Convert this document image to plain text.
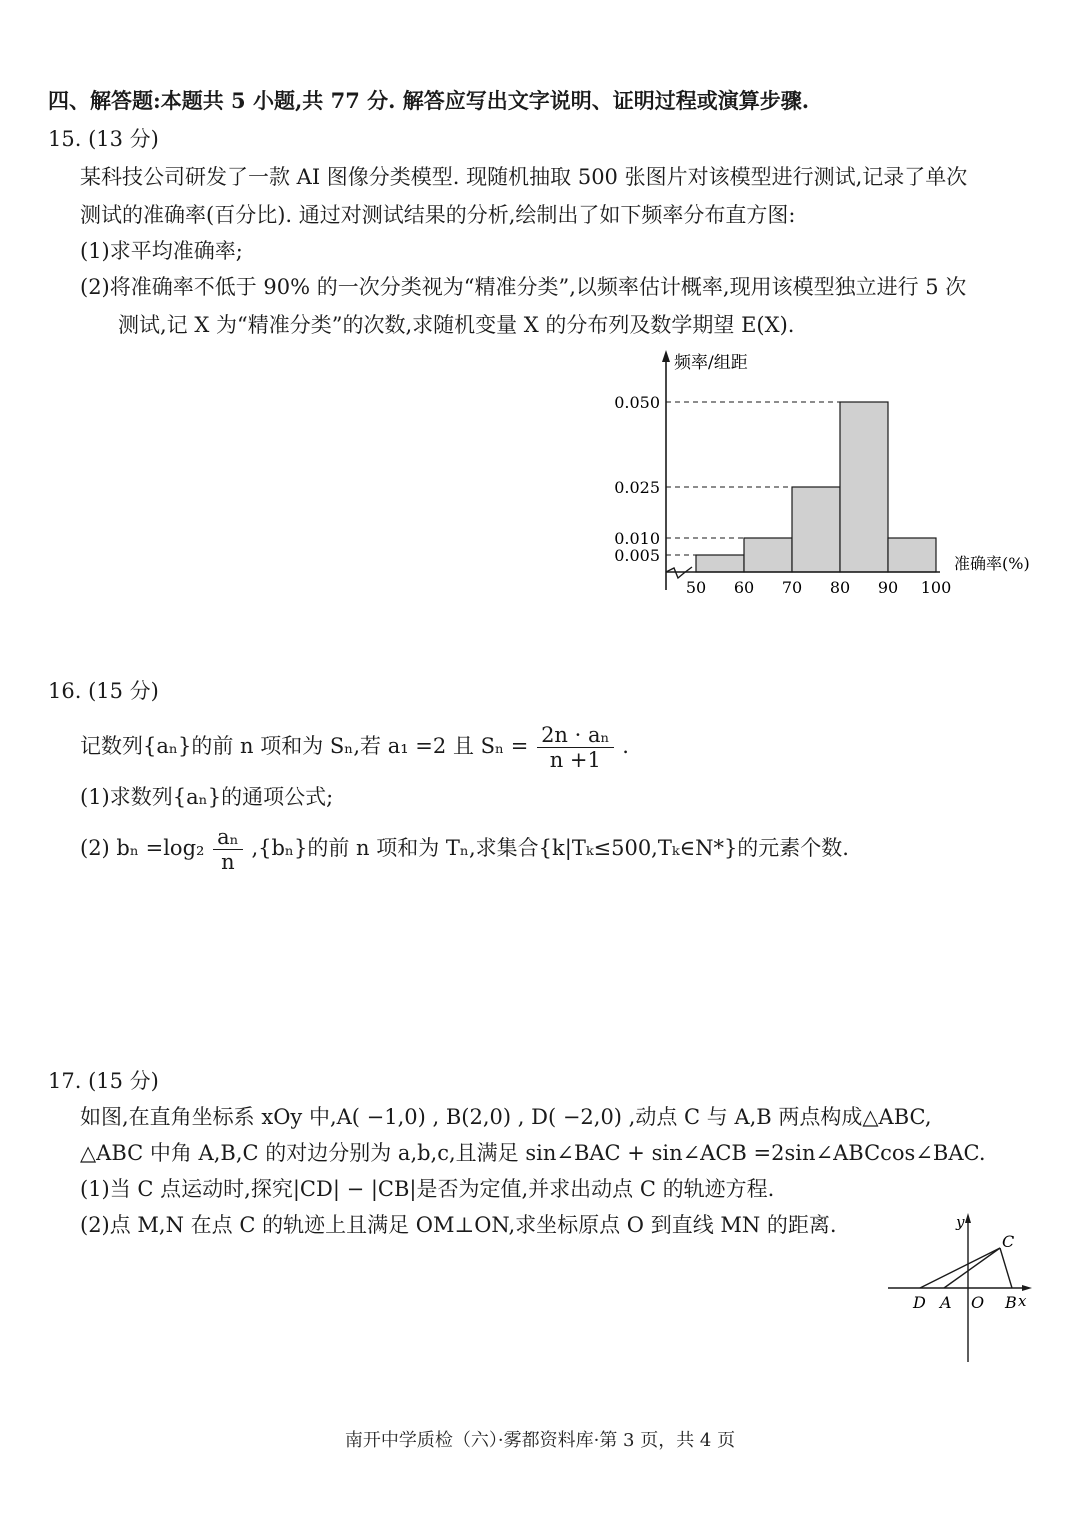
四、解答题:本题共 5 小题,共 77 分. 解答应写出文字说明、证明过程或演算步骤.
15. (13 分)
某科技公司研发了一款 AI 图像分类模型. 现随机抽取 500 张图片对该模型进行测试,记录了单次
测试的准确率(百分比). 通过对测试结果的分析,绘制出了如下频率分布直方图:
(1)求平均准确率;
(2)将准确率不低于 90% 的一次分类视为“精准分类”,以频率估计概率,现用该模型独立进行 5 次
测试,记 X 为“精准分类”的次数,求随机变量 X 的分布列及数学期望 E(X).
频率/组距
准确率(%)
0.050
0.025
0.010
0.005
50 60 70 80 90 100
16. (15 分)
记数列{aₙ}的前 n 项和为 Sₙ,若 a₁ =2 且 $S_n = \frac{\text{2n · aₙ}}{n +1}$ .
(1)求数列{aₙ}的通项公式;
(2) $b_n =\log_2 \frac{\text{aₙ}}{n} ,\{b_n\}$的前 n 项和为 Tₙ,求集合{k|Tₖ≤500,Tₖ∈N*}的元素个数.
17. (15 分)
如图,在直角坐标系 xOy 中,A( −1,0) , B(2,0) , D( −2,0) ,动点 C 与 A,B 两点构成△ABC,
△ABC 中角 A,B,C 的对边分别为 a,b,c,且满足 sin∠BAC + sin∠ACB =2sin∠ABCcos∠BAC.
(1)当 C 点运动时,探究|CD| − |CB|是否为定值,并求出动点 C 的轨迹方程.
(2)点 M,N 在点 C 的轨迹上且满足 OM⊥ON,求坐标原点 O 到直线 MN 的距离.	y
x
C
D A O B
南开中学质检（六）·雾都资料库·第 3 页，共 4 页
